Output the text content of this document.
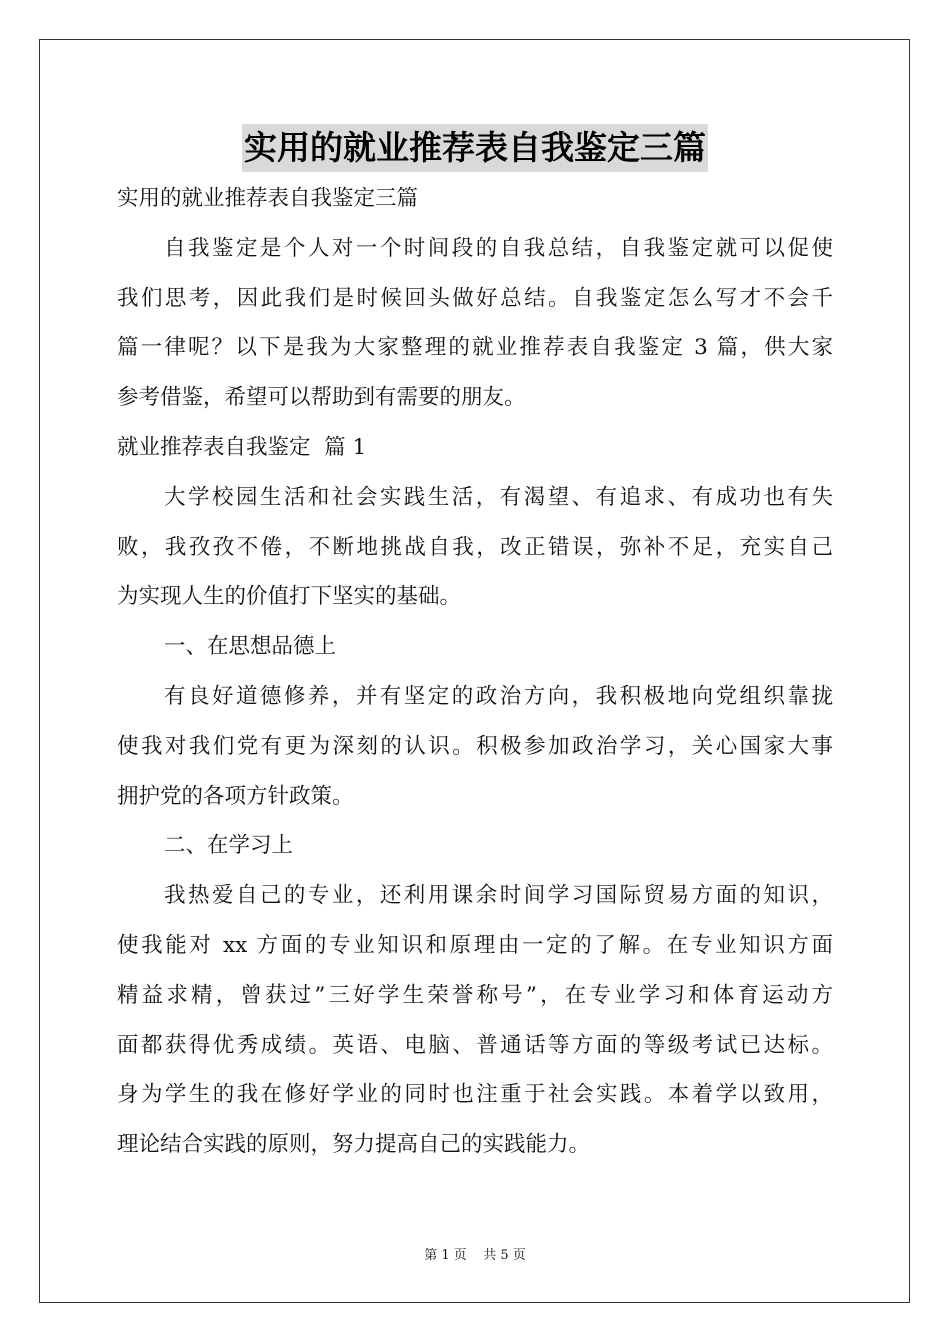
实用的就业推荐表自我鉴定三篇

实用的就业推荐表自我鉴定三篇

自我鉴定是个人对一个时间段的自我总结，自我鉴定就可以促使

我们思考，因此我们是时候回头做好总结。自我鉴定怎么写才不会千

篇一律呢？以下是我为大家整理的就业推荐表自我鉴定 3 篇，供大家

参考借鉴，希望可以帮助到有需要的朋友。

就业推荐表自我鉴定  篇 1

大学校园生活和社会实践生活，有渴望、有追求、有成功也有失

败，我孜孜不倦，不断地挑战自我，改正错误，弥补不足，充实自己

为实现人生的价值打下坚实的基础。

一、在思想品德上

有良好道德修养，并有坚定的政治方向，我积极地向党组织靠拢

使我对我们党有更为深刻的认识。积极参加政治学习，关心国家大事

拥护党的各项方针政策。

二、在学习上

我热爱自己的专业，还利用课余时间学习国际贸易方面的知识，

使我能对 xx 方面的专业知识和原理由一定的了解。在专业知识方面

精益求精，曾获过”三好学生荣誉称号”，在专业学习和体育运动方

面都获得优秀成绩。英语、电脑、普通话等方面的等级考试已达标。

身为学生的我在修好学业的同时也注重于社会实践。本着学以致用，

理论结合实践的原则，努力提高自己的实践能力。

第 1 页    共 5 页
